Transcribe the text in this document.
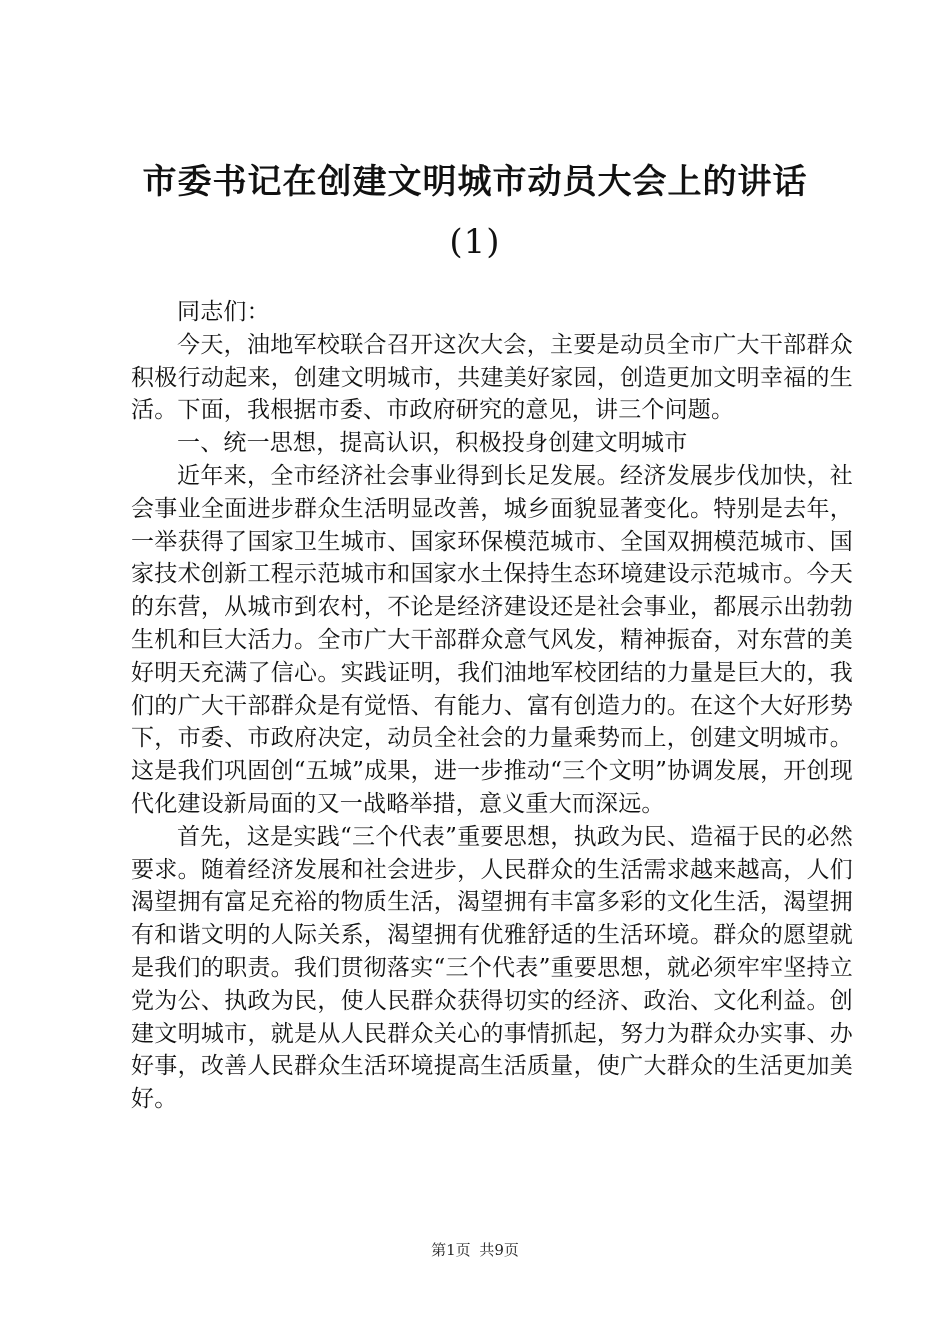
市委书记在创建文明城市动员大会上的讲话
(1)

同志们：

今天，油地军校联合召开这次大会，主要是动员全市广大干部群众积极行动起来，创建文明城市，共建美好家园，创造更加文明幸福的生活。下面，我根据市委、市政府研究的意见，讲三个问题。

一、统一思想，提高认识，积极投身创建文明城市

近年来，全市经济社会事业得到长足发展。经济发展步伐加快，社会事业全面进步群众生活明显改善，城乡面貌显著变化。特别是去年，一举获得了国家卫生城市、国家环保模范城市、全国双拥模范城市、国家技术创新工程示范城市和国家水土保持生态环境建设示范城市。今天的东营，从城市到农村，不论是经济建设还是社会事业，都展示出勃勃生机和巨大活力。全市广大干部群众意气风发，精神振奋，对东营的美好明天充满了信心。实践证明，我们油地军校团结的力量是巨大的，我们的广大干部群众是有觉悟、有能力、富有创造力的。在这个大好形势下，市委、市政府决定，动员全社会的力量乘势而上，创建文明城市。这是我们巩固创“五城”成果，进一步推动“三个文明”协调发展，开创现代化建设新局面的又一战略举措，意义重大而深远。

首先，这是实践“三个代表”重要思想，执政为民、造福于民的必然要求。随着经济发展和社会进步，人民群众的生活需求越来越高，人们渴望拥有富足充裕的物质生活，渴望拥有丰富多彩的文化生活，渴望拥有和谐文明的人际关系，渴望拥有优雅舒适的生活环境。群众的愿望就是我们的职责。我们贯彻落实“三个代表”重要思想，就必须牢牢坚持立党为公、执政为民，使人民群众获得切实的经济、政治、文化利益。创建文明城市，就是从人民群众关心的事情抓起，努力为群众办实事、办好事，改善人民群众生活环境提高生活质量，使广大群众的生活更加美好。

第1页 共9页
